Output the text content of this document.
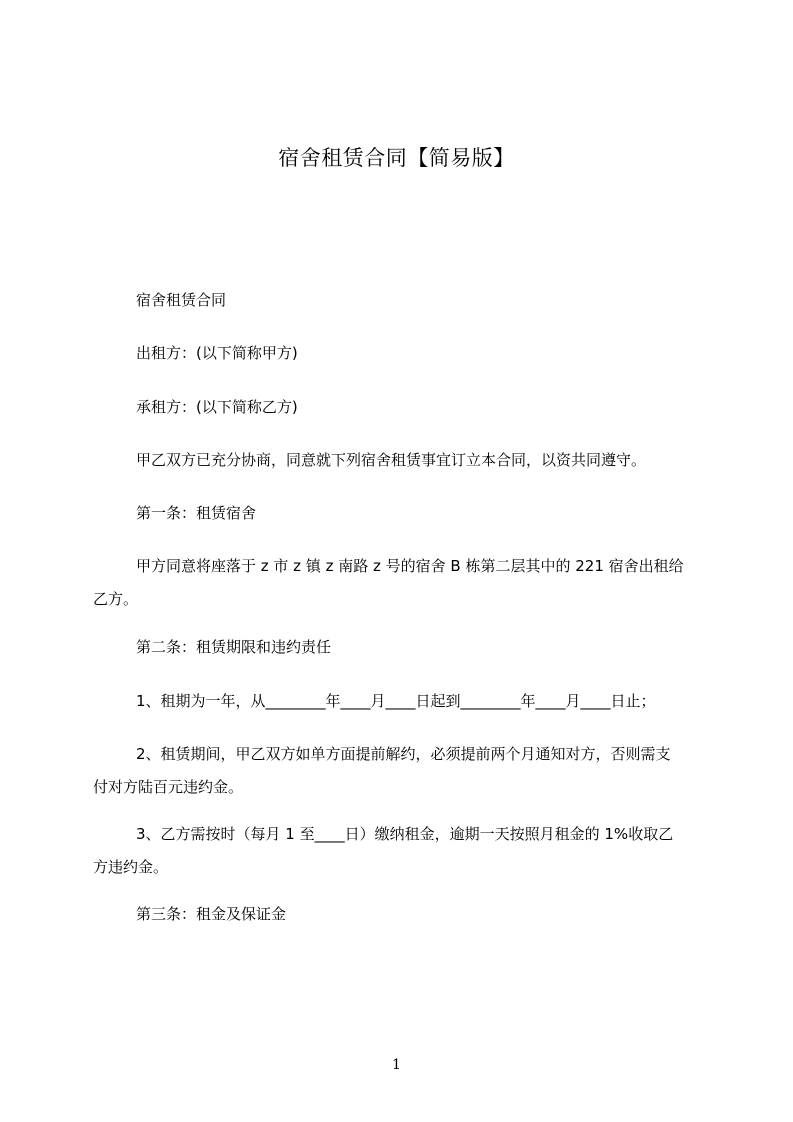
宿舍租赁合同【简易版】
宿舍租赁合同
出租方：(以下简称甲方)
承租方：(以下简称乙方)
甲乙双方已充分协商，同意就下列宿舍租赁事宜订立本合同，以资共同遵守。
第一条：租赁宿舍
甲方同意将座落于 z 市 z 镇 z 南路 z 号的宿舍 B 栋第二层其中的 221 宿舍出租给
乙方。
第二条：租赁期限和违约责任
1、租期为一年，从________年____月____日起到________年____月____日止；
2、租赁期间，甲乙双方如单方面提前解约，必须提前两个月通知对方，否则需支
付对方陆百元违约金。
3、乙方需按时（每月 1 至____日）缴纳租金，逾期一天按照月租金的 1%收取乙
方违约金。
第三条：租金及保证金
1
